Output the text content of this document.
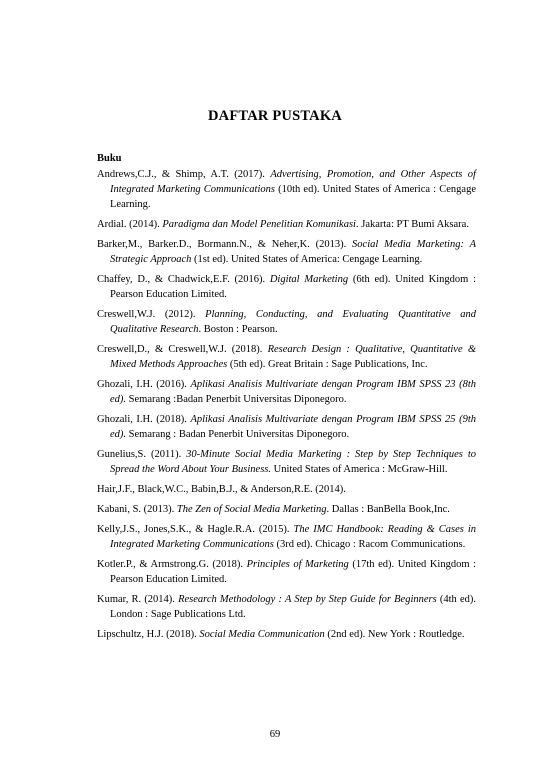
DAFTAR PUSTAKA
Buku
Andrews,C.J., & Shimp, A.T. (2017). Advertising, Promotion, and Other Aspects of Integrated Marketing Communications (10th ed). United States of America : Cengage Learning.
Ardial. (2014). Paradigma dan Model Penelitian Komunikasi. Jakarta: PT Bumi Aksara.
Barker,M., Barker.D., Bormann.N., & Neher,K. (2013). Social Media Marketing: A Strategic Approach (1st ed). United States of America: Cengage Learning.
Chaffey, D., & Chadwick,E.F. (2016). Digital Marketing (6th ed). United Kingdom : Pearson Education Limited.
Creswell,W.J. (2012). Planning, Conducting, and Evaluating Quantitative and Qualitative Research. Boston : Pearson.
Creswell,D., & Creswell,W.J. (2018). Research Design : Qualitative, Quantitative & Mixed Methods Approaches (5th ed). Great Britain : Sage Publications, Inc.
Ghozali, I.H. (2016). Aplikasi Analisis Multivariate dengan Program IBM SPSS 23 (8th ed). Semarang :Badan Penerbit Universitas Diponegoro.
Ghozali, I.H. (2018). Aplikasi Analisis Multivariate dengan Program IBM SPSS 25 (9th ed). Semarang : Badan Penerbit Universitas Diponegoro.
Gunelius,S. (2011). 30-Minute Social Media Marketing : Step by Step Techniques to Spread the Word About Your Business. United States of America : McGraw-Hill.
Hair,J.F., Black,W.C., Babin,B.J., & Anderson,R.E. (2014).
Kabani, S. (2013). The Zen of Social Media Marketing. Dallas : BanBella Book,Inc.
Kelly,J.S., Jones,S.K., & Hagle.R.A. (2015). The IMC Handbook: Reading & Cases in Integrated Marketing Communications (3rd ed). Chicago : Racom Communications.
Kotler.P., & Armstrong.G. (2018). Principles of Marketing (17th ed). United Kingdom : Pearson Education Limited.
Kumar, R. (2014). Research Methodology : A Step by Step Guide for Beginners (4th ed). London : Sage Publications Ltd.
Lipschultz, H.J. (2018). Social Media Communication (2nd ed). New York : Routledge.
69
